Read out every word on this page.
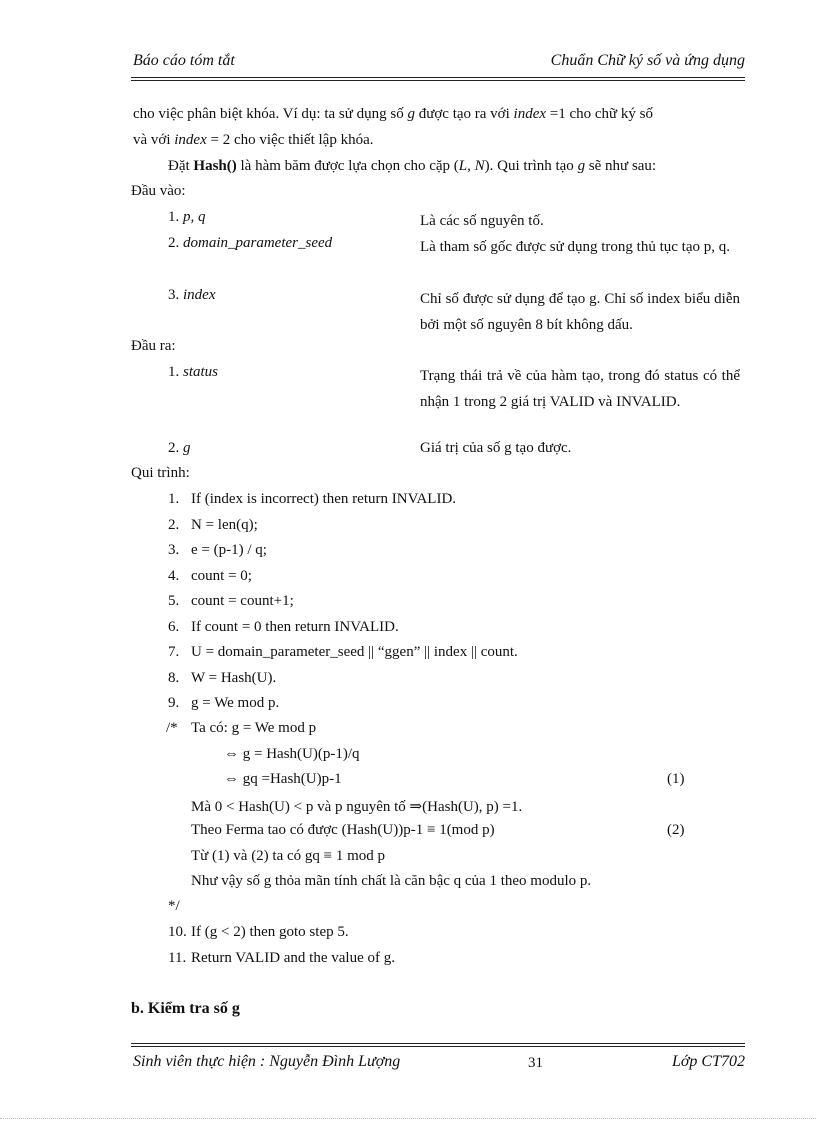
Báo cáo tóm tắt	Chuẩn Chữ ký số và ứng dụng
cho việc phân biệt khóa. Ví dụ: ta sử dụng số g được tạo ra với index =1 cho chữ ký số
và với index = 2 cho việc thiết lập khóa.
Đặt Hash() là hàm băm được lựa chọn cho cặp (L, N). Qui trình tạo g sẽ như sau:
Đầu vào:
1. p, q	Là các số nguyên tố.
2. domain_parameter_seed	Là tham số gốc được sử dụng trong thủ tục tạo p, q.
3. index	Chỉ số được sử dụng để tạo g. Chỉ số index biểu diễn bởi một số nguyên 8 bít không dấu.
Đầu ra:
1. status	Trạng thái trả về của hàm tạo, trong đó status có thể nhận 1 trong 2 giá trị VALID và INVALID.
2. g	Giá trị của số g tạo được.
Qui trình:
1. If (index is incorrect) then return INVALID.
2. N = len(q);
3. e = (p-1) / q;
4. count = 0;
5. count = count+1;
6. If count = 0 then return INVALID.
7. U = domain_parameter_seed || “ggen” || index || count.
8. W = Hash(U).
9. g = We mod p.
/* Ta có: g = We mod p
⇔ g = Hash(U)(p-1)/q
⇔ gq =Hash(U)p-1
Mà 0 < Hash(U) < p và p nguyên tố ⇒(Hash(U), p) =1.
Theo Ferma tao có được (Hash(U))p-1 ≡ 1(mod p)
Từ (1) và (2) ta có gq ≡ 1 mod p
Như vậy số g thỏa mãn tính chất là căn bậc q của 1 theo modulo p.
(1)
(2)
*/
10. If (g < 2) then goto step 5.
11. Return VALID and the value of g.
b. Kiểm tra số g
Sinh viên thực hiện : Nguyễn Đình Lượng	31	Lớp CT702
